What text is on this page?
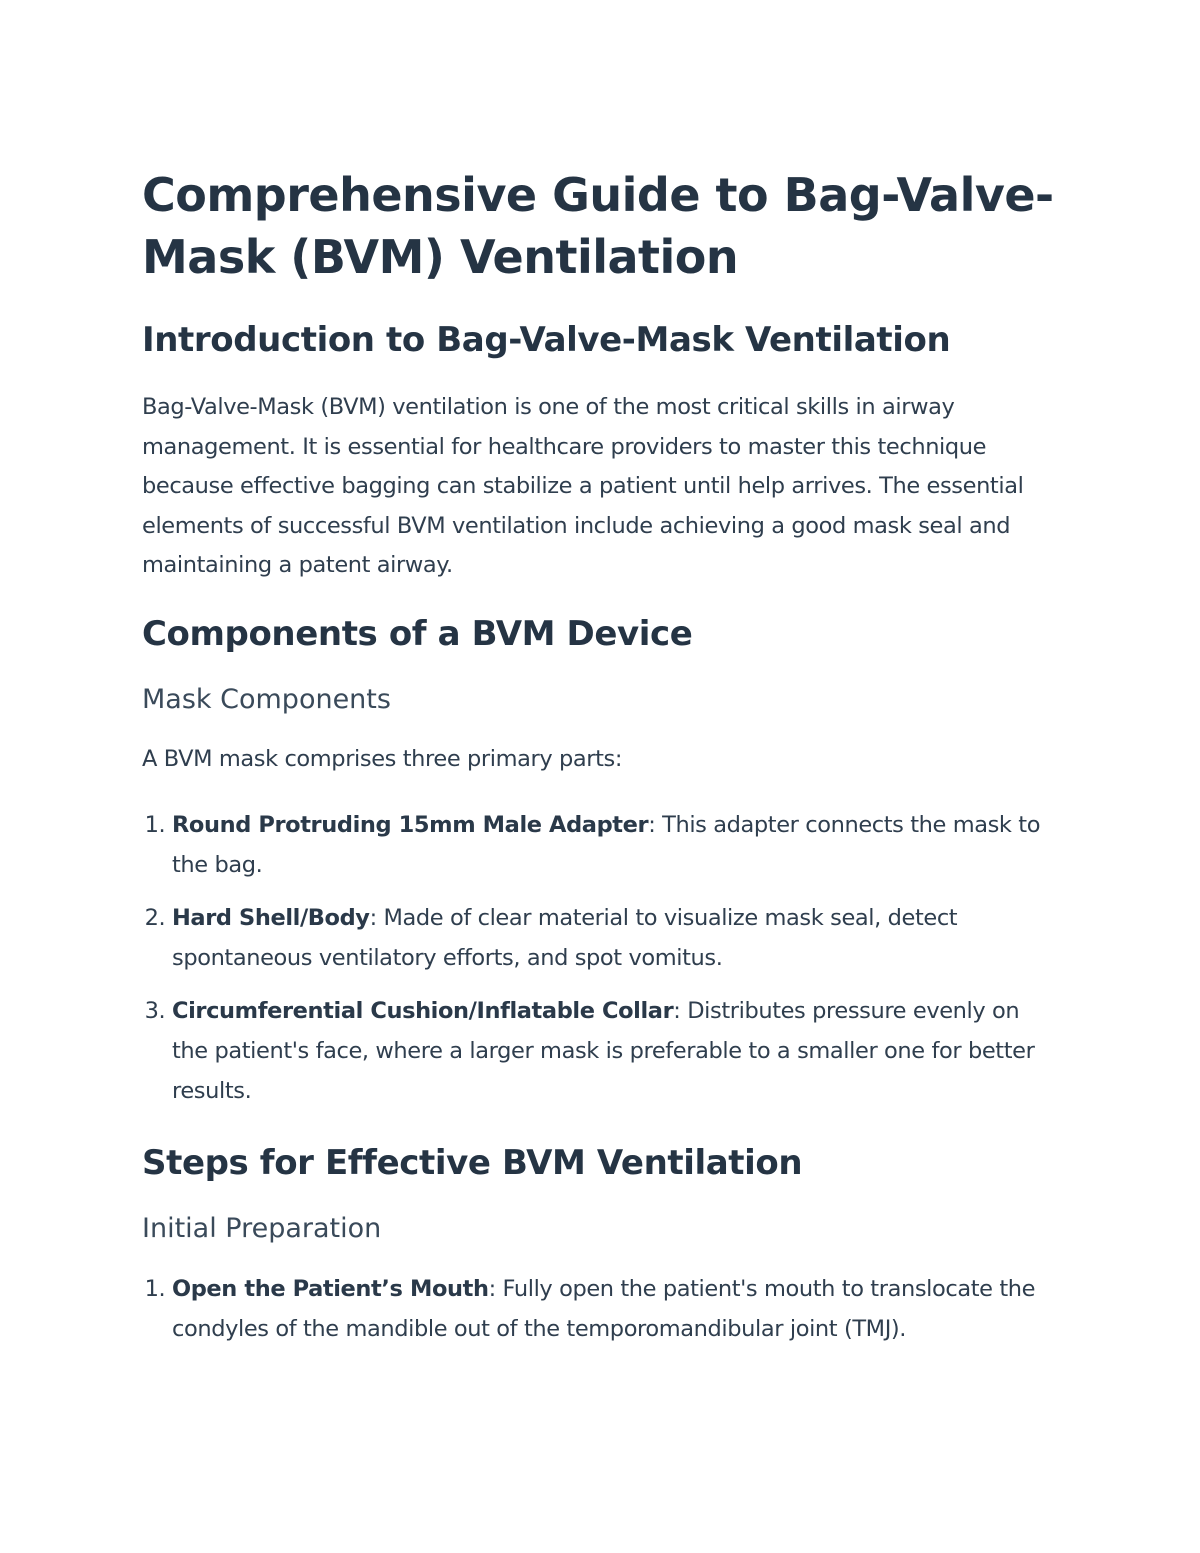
Comprehensive Guide to Bag-Valve-Mask (BVM) Ventilation
Introduction to Bag-Valve-Mask Ventilation

Bag-Valve-Mask (BVM) ventilation is one of the most critical skills in airway management. It is essential for healthcare providers to master this technique because effective bagging can stabilize a patient until help arrives. The essential elements of successful BVM ventilation include achieving a good mask seal and maintaining a patent airway.

Components of a BVM Device
Mask Components

A BVM mask comprises three primary parts:

1. Round Protruding 15mm Male Adapter: This adapter connects the mask to the bag.
2. Hard Shell/Body: Made of clear material to visualize mask seal, detect spontaneous ventilatory efforts, and spot vomitus.
3. Circumferential Cushion/Inflatable Collar: Distributes pressure evenly on the patient's face, where a larger mask is preferable to a smaller one for better results.
Steps for Effective BVM Ventilation
Initial Preparation
1. Open the Patient’s Mouth: Fully open the patient's mouth to translocate the condyles of the mandible out of the temporomandibular joint (TMJ).
